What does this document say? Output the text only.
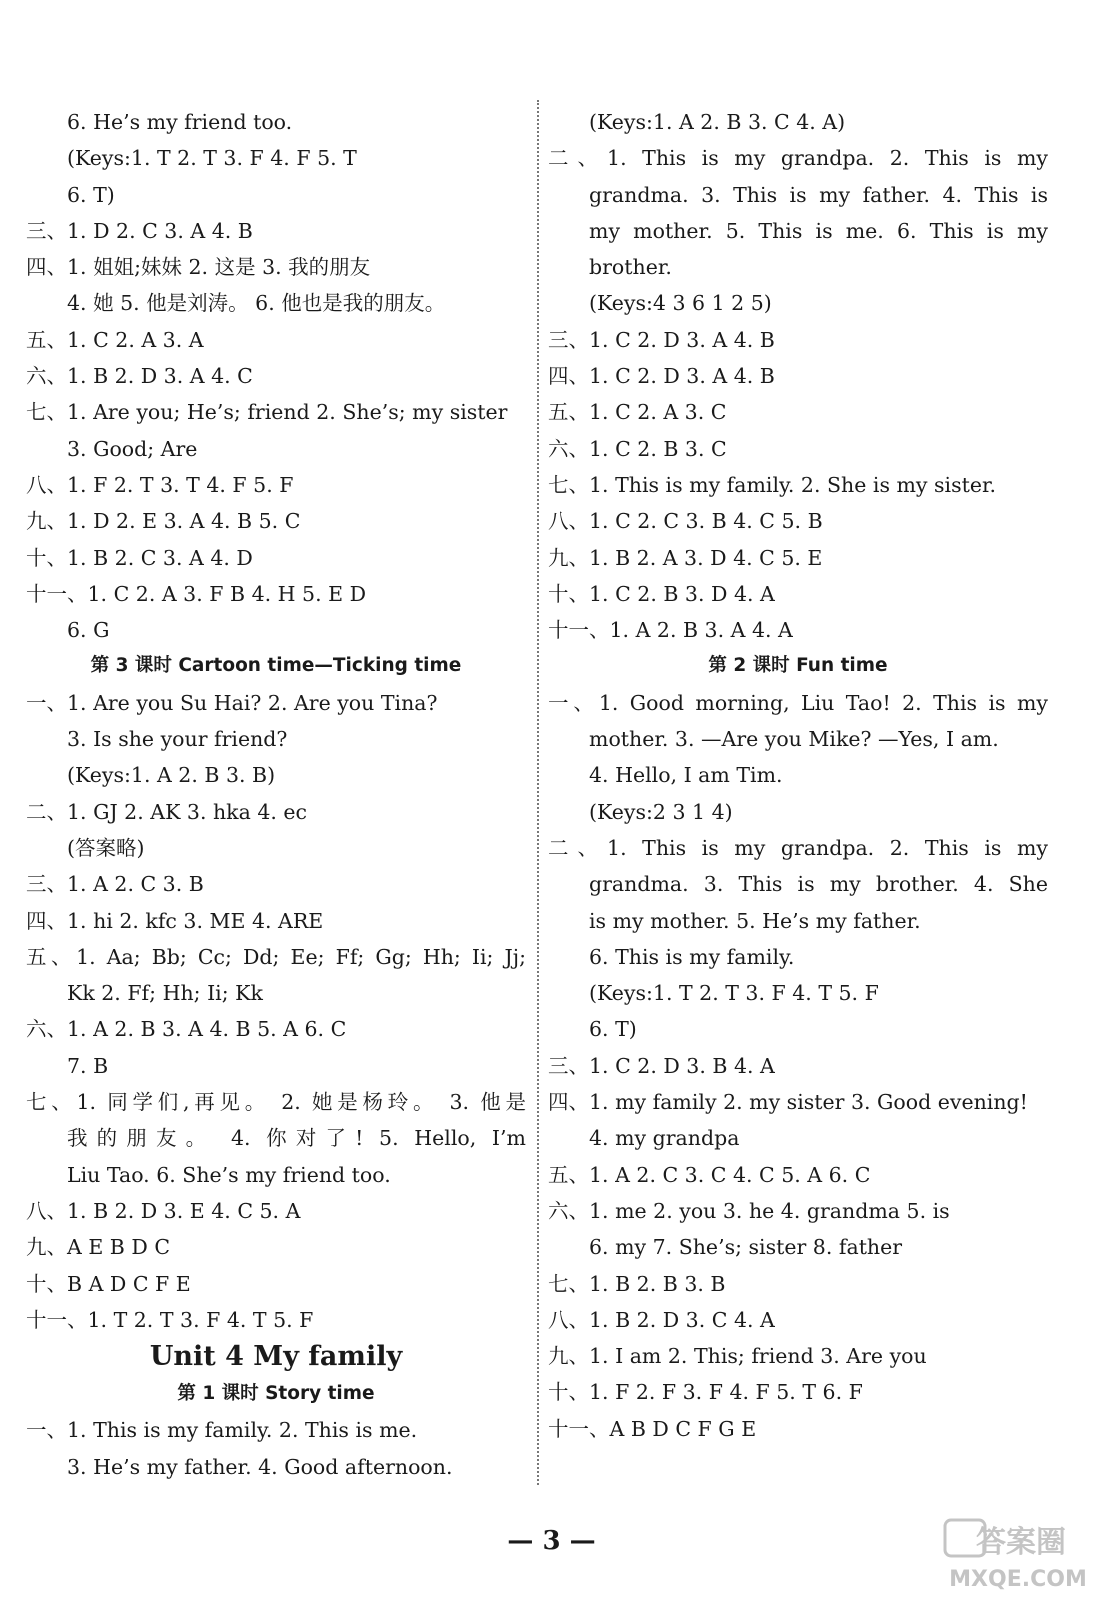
6. He’s my friend too.
(Keys:1. T 2. T 3. F 4. F 5. T
6. T)
三、1. D 2. C 3. A 4. B
四、1. 姐姐;妹妹 2. 这是 3. 我的朋友
4. 她 5. 他是刘涛。 6. 他也是我的朋友。
五、1. C 2. A 3. A
六、1. B 2. D 3. A 4. C
七、1. Are you; He’s; friend 2. She’s; my sister
3. Good; Are
八、1. F 2. T 3. T 4. F 5. F
九、1. D 2. E 3. A 4. B 5. C
十、1. B 2. C 3. A 4. D
十一、1. C 2. A 3. F B 4. H 5. E D
6. G
第 3 课时 Cartoon time—Ticking time
一、1. Are you Su Hai? 2. Are you Tina?
3. Is she your friend?
(Keys:1. A 2. B 3. B)
二、1. GJ 2. AK 3. hka 4. ec
(答案略)
三、1. A 2. C 3. B
四、1. hi 2. kfc 3. ME 4. ARE
五、1. Aa; Bb; Cc; Dd; Ee; Ff; Gg; Hh; Ii; Jj;
Kk 2. Ff; Hh; Ii; Kk
六、1. A 2. B 3. A 4. B 5. A 6. C
7. B
七、1. 同学们,再见。 2. 她是杨玲。 3. 他是
我的朋友。 4. 你对了! 5. Hello, I’m
Liu Tao. 6. She’s my friend too.
八、1. B 2. D 3. E 4. C 5. A
九、A E B D C
十、B A D C F E
十一、1. T 2. T 3. F 4. T 5. F
Unit 4 My family
第 1 课时 Story time
一、1. This is my family. 2. This is me.
3. He’s my father. 4. Good afternoon.
(Keys:1. A 2. B 3. C 4. A)
二、1. This is my grandpa. 2. This is my
grandma. 3. This is my father. 4. This is
my mother. 5. This is me. 6. This is my
brother.
(Keys:4 3 6 1 2 5)
三、1. C 2. D 3. A 4. B
四、1. C 2. D 3. A 4. B
五、1. C 2. A 3. C
六、1. C 2. B 3. C
七、1. This is my family. 2. She is my sister.
八、1. C 2. C 3. B 4. C 5. B
九、1. B 2. A 3. D 4. C 5. E
十、1. C 2. B 3. D 4. A
十一、1. A 2. B 3. A 4. A
第 2 课时 Fun time
一、1. Good morning, Liu Tao! 2. This is my
mother. 3. —Are you Mike? —Yes, I am.
4. Hello, I am Tim.
(Keys:2 3 1 4)
二、1. This is my grandpa. 2. This is my
grandma. 3. This is my brother. 4. She
is my mother. 5. He’s my father.
6. This is my family.
(Keys:1. T 2. T 3. F 4. T 5. F
6. T)
三、1. C 2. D 3. B 4. A
四、1. my family 2. my sister 3. Good evening!
4. my grandpa
五、1. A 2. C 3. C 4. C 5. A 6. C
六、1. me 2. you 3. he 4. grandma 5. is
6. my 7. She’s; sister 8. father
七、1. B 2. B 3. B
八、1. B 2. D 3. C 4. A
九、1. I am 2. This; friend 3. Are you
十、1. F 2. F 3. F 4. F 5. T 6. F
十一、A B D C F G E
— 3 —	答案圈
MXQE.COM
